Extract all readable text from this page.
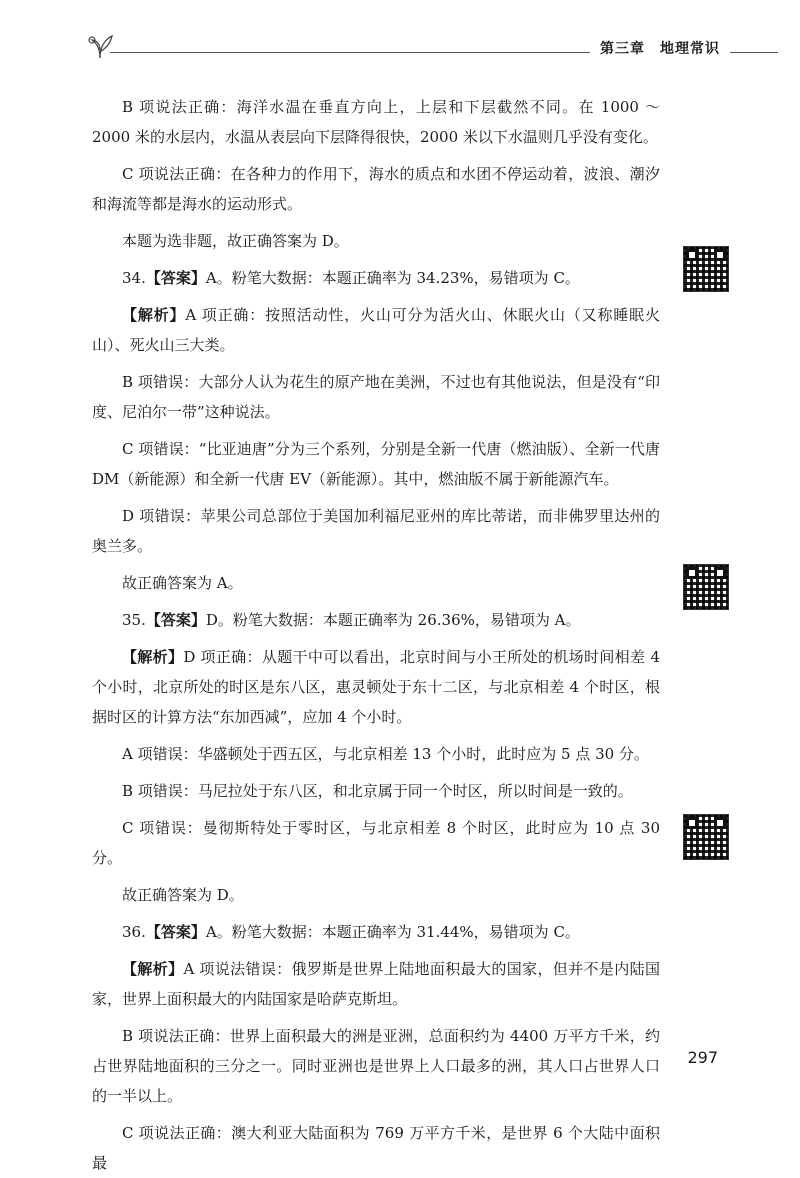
第三章　地理常识

B 项说法正确：海洋水温在垂直方向上，上层和下层截然不同。在 1000 ～ 2000 米的水层内，水温从表层向下层降得很快，2000 米以下水温则几乎没有变化。

C 项说法正确：在各种力的作用下，海水的质点和水团不停运动着，波浪、潮汐和海流等都是海水的运动形式。

本题为选非题，故正确答案为 D。

34.【答案】A。粉笔大数据：本题正确率为 34.23%，易错项为 C。

【解析】A 项正确：按照活动性，火山可分为活火山、休眠火山（又称睡眠火山）、死火山三大类。

B 项错误：大部分人认为花生的原产地在美洲，不过也有其他说法，但是没有“印度、尼泊尔一带”这种说法。

C 项错误：“比亚迪唐”分为三个系列，分别是全新一代唐（燃油版）、全新一代唐 DM（新能源）和全新一代唐 EV（新能源）。其中，燃油版不属于新能源汽车。

D 项错误：苹果公司总部位于美国加利福尼亚州的库比蒂诺，而非佛罗里达州的奥兰多。

故正确答案为 A。

35.【答案】D。粉笔大数据：本题正确率为 26.36%，易错项为 A。

【解析】D 项正确：从题干中可以看出，北京时间与小王所处的机场时间相差 4 个小时，北京所处的时区是东八区，惠灵顿处于东十二区，与北京相差 4 个时区，根据时区的计算方法“东加西减”，应加 4 个小时。

A 项错误：华盛顿处于西五区，与北京相差 13 个小时，此时应为 5 点 30 分。

B 项错误：马尼拉处于东八区，和北京属于同一个时区，所以时间是一致的。

C 项错误：曼彻斯特处于零时区，与北京相差 8 个时区，此时应为 10 点 30 分。

故正确答案为 D。

36.【答案】A。粉笔大数据：本题正确率为 31.44%，易错项为 C。

【解析】A 项说法错误：俄罗斯是世界上陆地面积最大的国家，但并不是内陆国家，世界上面积最大的内陆国家是哈萨克斯坦。

B 项说法正确：世界上面积最大的洲是亚洲，总面积约为 4400 万平方千米，约占世界陆地面积的三分之一。同时亚洲也是世界上人口最多的洲，其人口占世界人口的一半以上。

C 项说法正确：澳大利亚大陆面积为 769 万平方千米，是世界 6 个大陆中面积最

297
